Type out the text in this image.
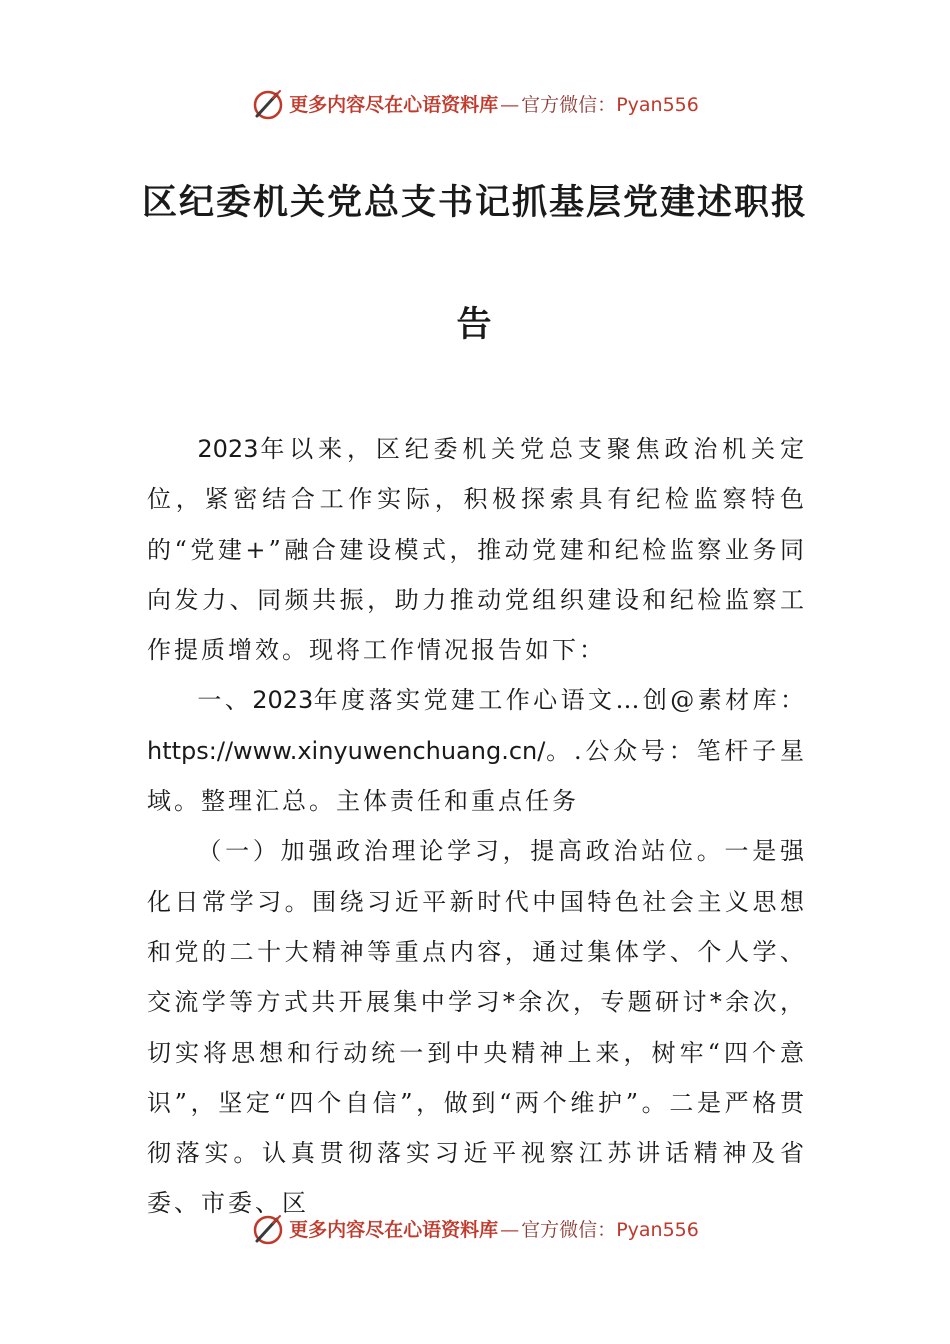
更多内容尽在心语资料库 — 官方微信： Pyan556
区纪委机关党总支书记抓基层党建述职报
告

2023年以来，区纪委机关党总支聚焦政治机关定位，紧密结合工作实际，积极探索具有纪检监察特色的“党建+”融合建设模式，推动党建和纪检监察业务同向发力、同频共振，助力推动党组织建设和纪检监察工作提质增效。现将工作情况报告如下：

一、2023年度落实党建工作心语文…创@素材库：https://www.xinyuwenchuang.cn/。.公众号：笔杆子星域。整理汇总。主体责任和重点任务

（一）加强政治理论学习，提高政治站位。一是强化日常学习。围绕习近平新时代中国特色社会主义思想和党的二十大精神等重点内容，通过集体学、个人学、交流学等方式共开展集中学习*余次，专题研讨*余次，切实将思想和行动统一到中央精神上来，树牢“四个意识”，坚定“四个自信”，做到“两个维护”。二是严格贯彻落实。认真贯彻落实习近平视察江苏讲话精神及省委、市委、区

更多内容尽在心语资料库 — 官方微信： Pyan556
